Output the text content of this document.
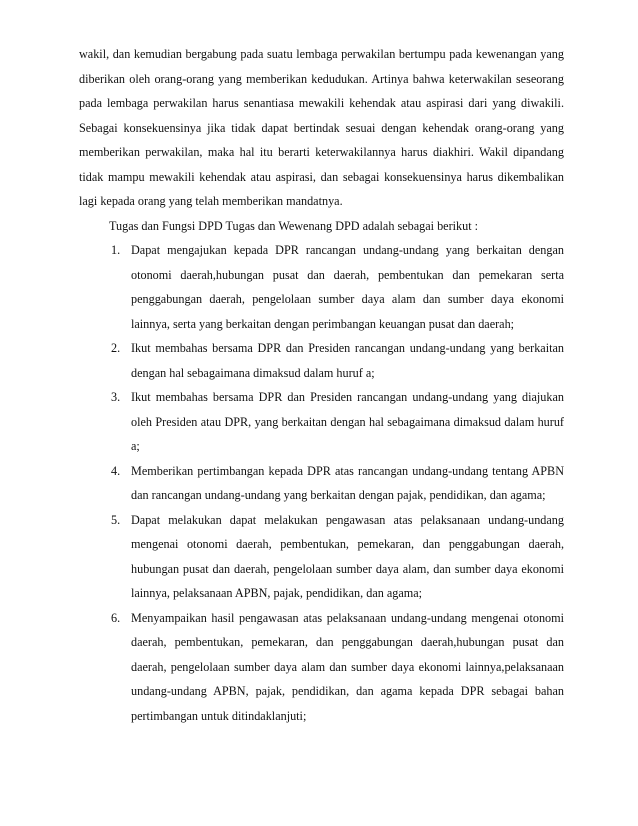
wakil, dan kemudian bergabung pada suatu lembaga perwakilan bertumpu pada kewenangan yang diberikan oleh orang-orang yang memberikan kedudukan. Artinya bahwa keterwakilan seseorang pada lembaga perwakilan harus senantiasa mewakili kehendak atau aspirasi dari yang diwakili. Sebagai konsekuensinya jika tidak dapat bertindak sesuai dengan kehendak orang-orang yang memberikan perwakilan, maka hal itu berarti keterwakilannya harus diakhiri. Wakil dipandang tidak mampu mewakili kehendak atau aspirasi, dan sebagai konsekuensinya harus dikembalikan lagi kepada orang yang telah memberikan mandatnya.

Tugas dan Fungsi DPD Tugas dan Wewenang DPD adalah sebagai berikut :

1. Dapat mengajukan kepada DPR rancangan undang-undang yang berkaitan dengan otonomi daerah,hubungan pusat dan daerah, pembentukan dan pemekaran serta penggabungan daerah, pengelolaan sumber daya alam dan sumber daya ekonomi lainnya, serta yang berkaitan dengan perimbangan keuangan pusat dan daerah;
2. Ikut membahas bersama DPR dan Presiden rancangan undang-undang yang berkaitan dengan hal sebagaimana dimaksud dalam huruf a;
3. Ikut membahas bersama DPR dan Presiden rancangan undang-undang yang diajukan oleh Presiden atau DPR, yang berkaitan dengan hal sebagaimana dimaksud dalam huruf a;
4. Memberikan pertimbangan kepada DPR atas rancangan undang-undang tentang APBN dan rancangan undang-undang yang berkaitan dengan pajak, pendidikan, dan agama;
5. Dapat melakukan dapat melakukan pengawasan atas pelaksanaan undang-undang mengenai otonomi daerah, pembentukan, pemekaran, dan penggabungan daerah, hubungan pusat dan daerah, pengelolaan sumber daya alam, dan sumber daya ekonomi lainnya, pelaksanaan APBN, pajak, pendidikan, dan agama;
6. Menyampaikan hasil pengawasan atas pelaksanaan undang-undang mengenai otonomi daerah, pembentukan, pemekaran, dan penggabungan daerah,hubungan pusat dan daerah, pengelolaan sumber daya alam dan sumber daya ekonomi lainnya,pelaksanaan undang-undang APBN, pajak, pendidikan, dan agama kepada DPR sebagai bahan pertimbangan untuk ditindaklanjuti;
